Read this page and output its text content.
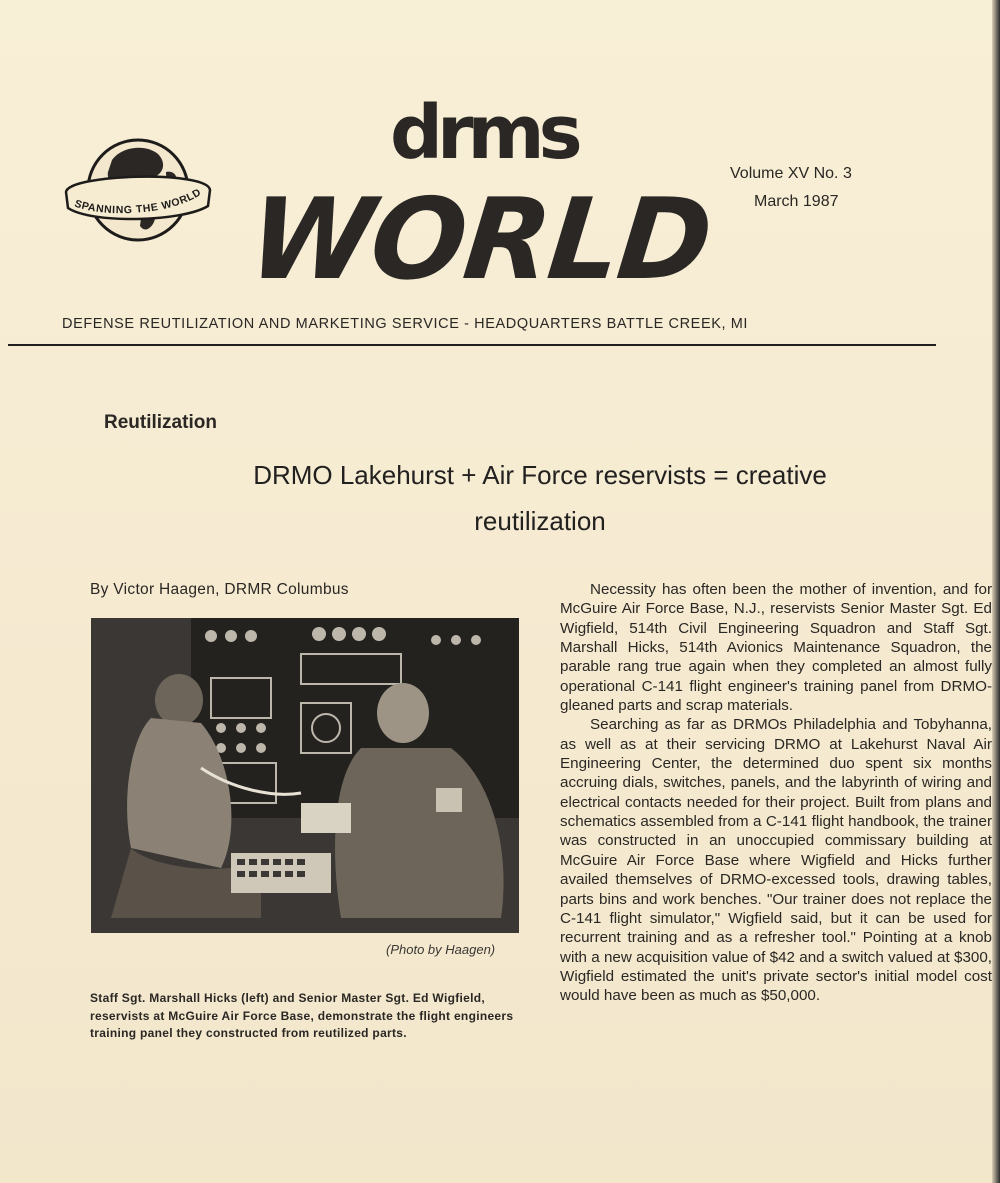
SPANNING THE WORLD
drms
WORLD
Volume XV No. 3
March 1987
DEFENSE REUTILIZATION AND MARKETING SERVICE - HEADQUARTERS BATTLE CREEK, MI
Reutilization
DRMO Lakehurst + Air Force reservists = creative
reutilization
By Victor Haagen, DRMR Columbus
(Photo by Haagen)
Staff Sgt. Marshall Hicks (left) and Senior Master Sgt. Ed Wigfield, reservists at McGuire Air Force Base, demonstrate the flight engineers training panel they constructed from reutilized parts.

Necessity has often been the mother of invention, and for McGuire Air Force Base, N.J., reservists Senior Master Sgt. Ed Wigfield, 514th Civil Engineering Squadron and Staff Sgt. Marshall Hicks, 514th Avionics Maintenance Squadron, the parable rang true again when they completed an almost fully operational C-141 flight engineer's training panel from DRMO-gleaned parts and scrap materials.

Searching as far as DRMOs Philadelphia and Tobyhanna, as well as at their servicing DRMO at Lakehurst Naval Air Engineering Center, the determined duo spent six months accruing dials, switches, panels, and the labyrinth of wiring and electrical contacts needed for their project. Built from plans and schematics assembled from a C-141 flight handbook, the trainer was constructed in an unoccupied commissary building at McGuire Air Force Base where Wigfield and Hicks further availed themselves of DRMO-excessed tools, drawing tables, parts bins and work benches. "Our trainer does not replace the C-141 flight simulator," Wigfield said, but it can be used for recurrent training and as a refresher tool." Pointing at a knob with a new acquisition value of $42 and a switch valued at $300, Wigfield estimated the unit's private sector's initial model cost would have been as much as $50,000.
